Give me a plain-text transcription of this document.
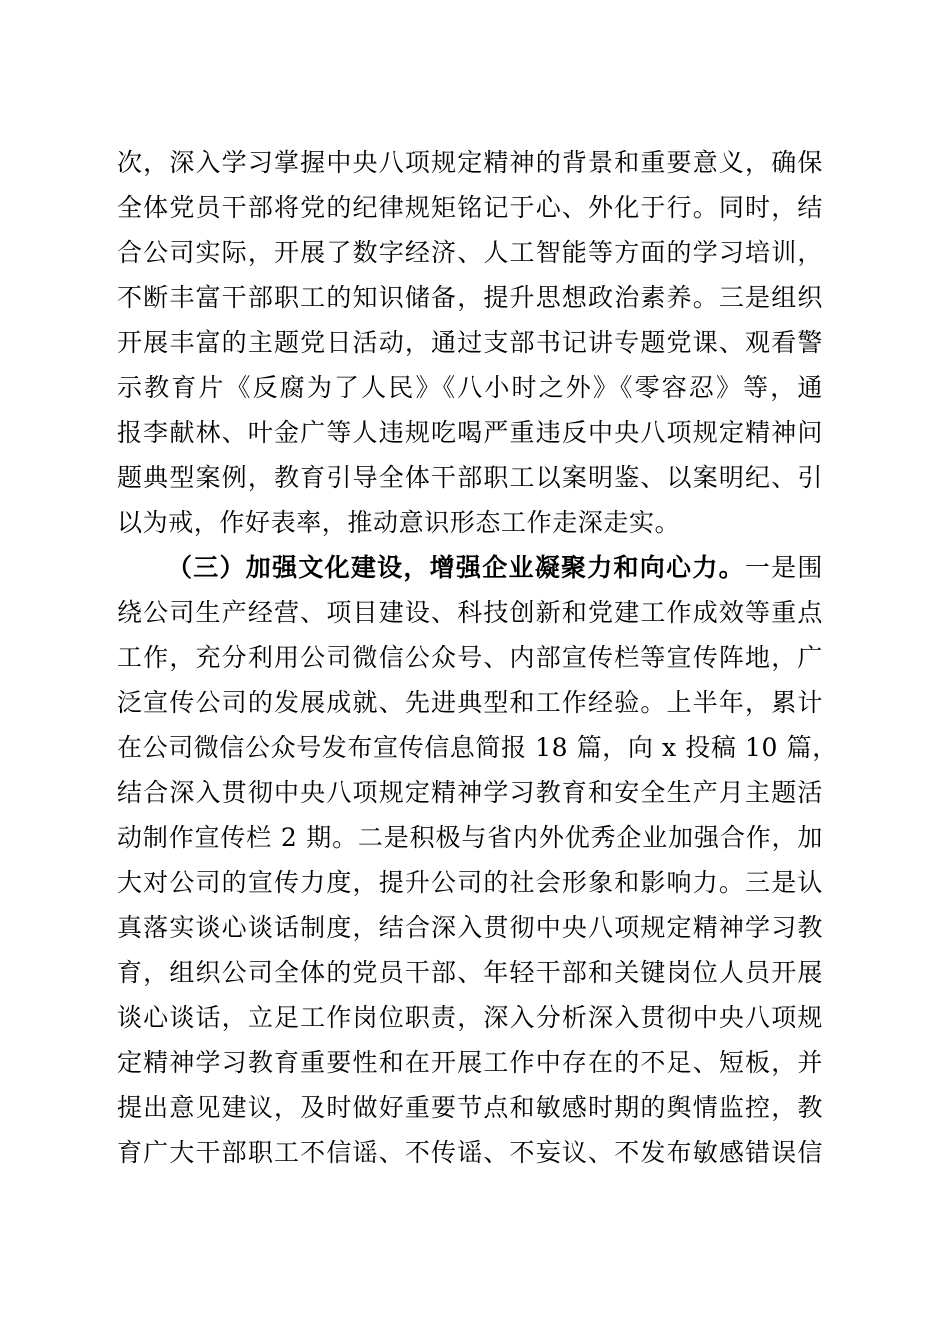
次，深入学习掌握中央八项规定精神的背景和重要意义，确保
全体党员干部将党的纪律规矩铭记于心、外化于行。同时，结
合公司实际，开展了数字经济、人工智能等方面的学习培训，
不断丰富干部职工的知识储备，提升思想政治素养。三是组织
开展丰富的主题党日活动，通过支部书记讲专题党课、观看警
示教育片《反腐为了人民》《八小时之外》《零容忍》等，通
报李献林、叶金广等人违规吃喝严重违反中央八项规定精神问
题典型案例，教育引导全体干部职工以案明鉴、以案明纪、引
以为戒，作好表率，推动意识形态工作走深走实。
（三）加强文化建设，增强企业凝聚力和向心力。一是围
绕公司生产经营、项目建设、科技创新和党建工作成效等重点
工作，充分利用公司微信公众号、内部宣传栏等宣传阵地，广
泛宣传公司的发展成就、先进典型和工作经验。上半年，累计
在公司微信公众号发布宣传信息简报 18 篇，向 x 投稿 10 篇，
结合深入贯彻中央八项规定精神学习教育和安全生产月主题活
动制作宣传栏 2 期。二是积极与省内外优秀企业加强合作，加
大对公司的宣传力度，提升公司的社会形象和影响力。三是认
真落实谈心谈话制度，结合深入贯彻中央八项规定精神学习教
育，组织公司全体的党员干部、年轻干部和关键岗位人员开展
谈心谈话，立足工作岗位职责，深入分析深入贯彻中央八项规
定精神学习教育重要性和在开展工作中存在的不足、短板，并
提出意见建议，及时做好重要节点和敏感时期的舆情监控，教
育广大干部职工不信谣、不传谣、不妄议、不发布敏感错误信
